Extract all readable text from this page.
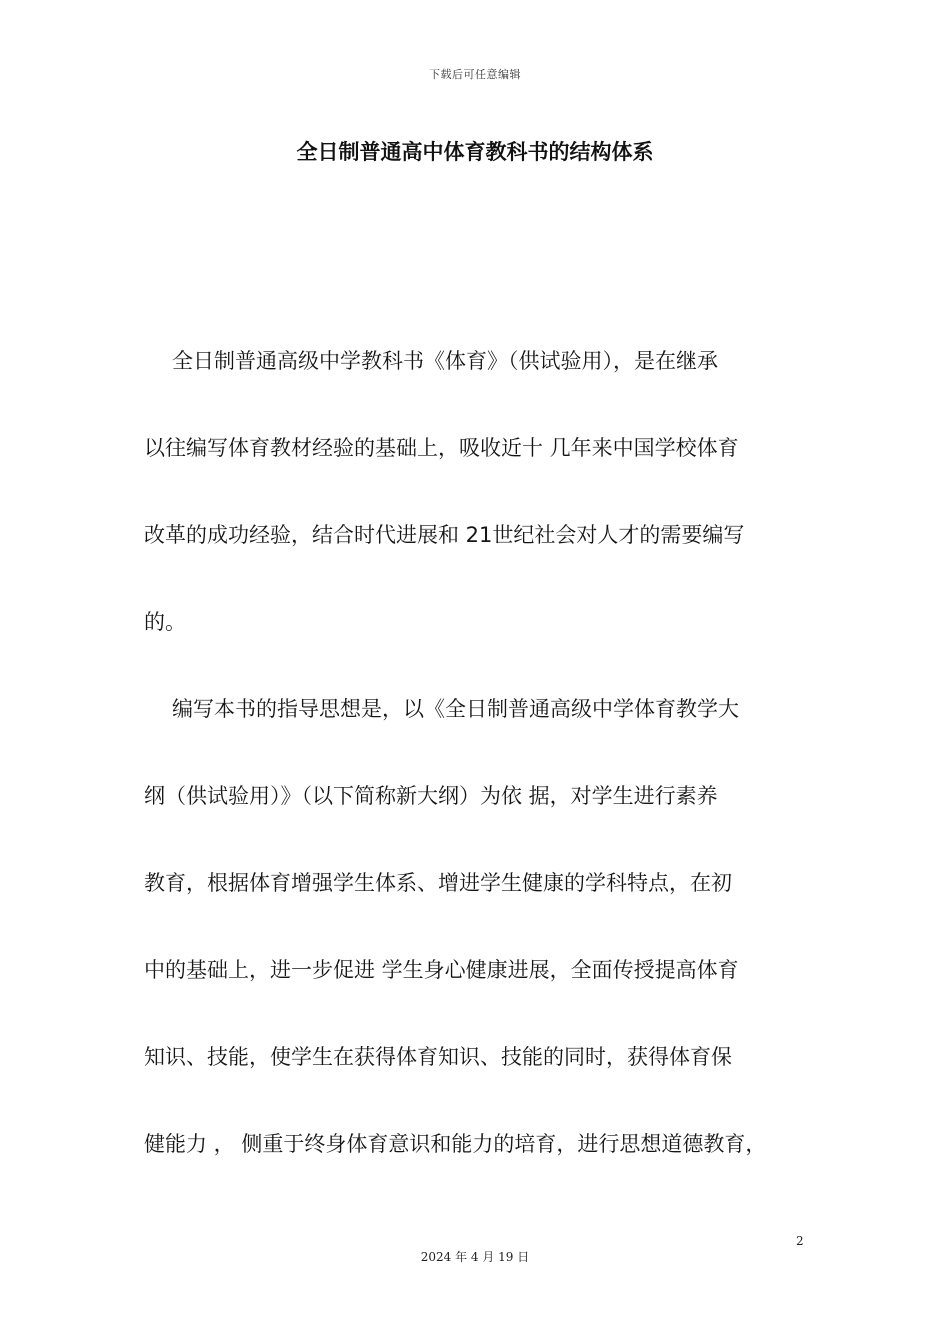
下载后可任意编辑
全日制普通高中体育教科书的结构体系
全日制普通高级中学教科书《体育》（供试验用），是在继承
以往编写体育教材经验的基础上，吸收近十 几年来中国学校体育
改革的成功经验，结合时代进展和 21世纪社会对人才的需要编写
的。
编写本书的指导思想是，以《全日制普通高级中学体育教学大
纲（供试验用）》（以下简称新大纲）为依 据，对学生进行素养
教育，根据体育增强学生体系、增进学生健康的学科特点，在初
中的基础上，进一步促进 学生身心健康进展，全面传授提高体育
知识、技能，使学生在获得体育知识、技能的同时，获得体育保
健能力 ， 侧重于终身体育意识和能力的培育，进行思想道德教育，
2
2024 年 4 月 19 日
